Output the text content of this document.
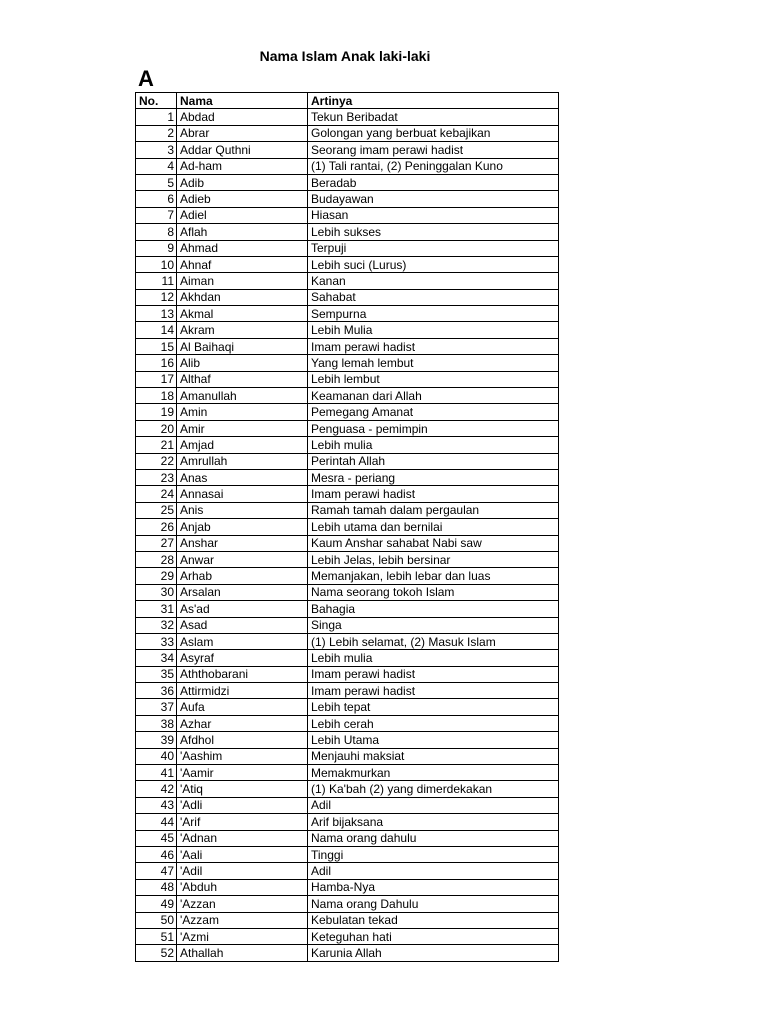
Nama Islam Anak laki-laki
A
No.	Nama	Artinya
1	Abdad	Tekun Beribadat
2	Abrar	Golongan yang berbuat kebajikan
3	Addar Quthni	Seorang imam perawi hadist
4	Ad-ham	(1) Tali rantai, (2) Peninggalan Kuno
5	Adib	Beradab
6	Adieb	Budayawan
7	Adiel	Hiasan
8	Aflah	Lebih sukses
9	Ahmad	Terpuji
10	Ahnaf	Lebih suci (Lurus)
11	Aiman	Kanan
12	Akhdan	Sahabat
13	Akmal	Sempurna
14	Akram	Lebih Mulia
15	Al Baihaqi	Imam perawi hadist
16	Alib	Yang lemah lembut
17	Althaf	Lebih lembut
18	Amanullah	Keamanan dari Allah
19	Amin	Pemegang Amanat
20	Amir	Penguasa - pemimpin
21	Amjad	Lebih mulia
22	Amrullah	Perintah Allah
23	Anas	Mesra - periang
24	Annasai	Imam perawi hadist
25	Anis	Ramah tamah dalam pergaulan
26	Anjab	Lebih utama dan bernilai
27	Anshar	Kaum Anshar sahabat Nabi saw
28	Anwar	Lebih Jelas, lebih bersinar
29	Arhab	Memanjakan, lebih lebar dan luas
30	Arsalan	Nama seorang tokoh Islam
31	As'ad	Bahagia
32	Asad	Singa
33	Aslam	(1) Lebih selamat, (2) Masuk Islam
34	Asyraf	Lebih mulia
35	Aththobarani	Imam perawi hadist
36	Attirmidzi	Imam perawi hadist
37	Aufa	Lebih tepat
38	Azhar	Lebih cerah
39	Afdhol	Lebih Utama
40	'Aashim	Menjauhi maksiat
41	'Aamir	Memakmurkan
42	'Atiq	(1) Ka'bah (2) yang dimerdekakan
43	'Adli	Adil
44	'Arif	Arif bijaksana
45	'Adnan	Nama orang dahulu
46	'Aali	Tinggi
47	'Adil	Adil
48	'Abduh	Hamba-Nya
49	'Azzan	Nama orang Dahulu
50	'Azzam	Kebulatan tekad
51	'Azmi	Keteguhan hati
52	Athallah	Karunia Allah
